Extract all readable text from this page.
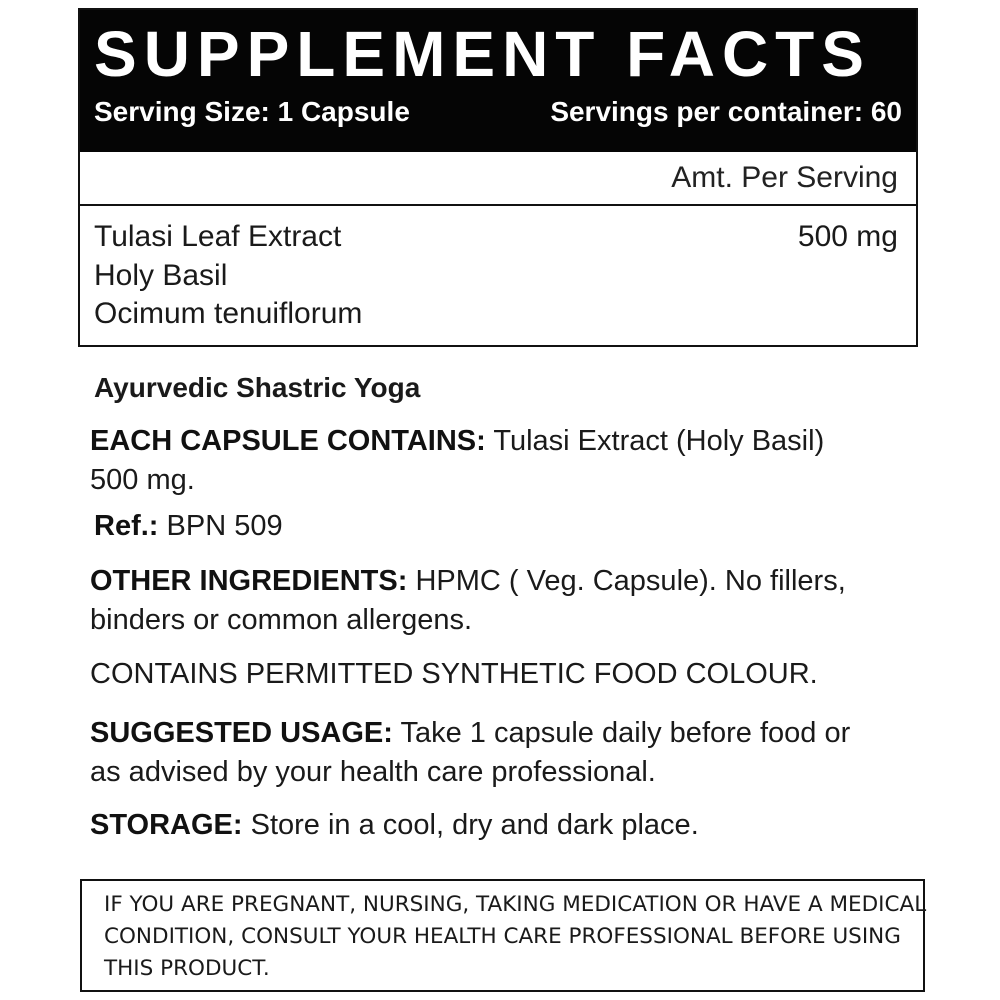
SUPPLEMENT FACTS
Serving Size: 1 Capsule	Servings per container: 60
Amt. Per Serving
Tulasi Leaf Extract
Holy Basil
Ocimum tenuiflorum
500 mg
Ayurvedic Shastric Yoga
EACH CAPSULE CONTAINS: Tulasi Extract (Holy Basil)
500 mg.
Ref.: BPN 509
OTHER INGREDIENTS: HPMC ( Veg. Capsule). No fillers,
binders or common allergens.
CONTAINS PERMITTED SYNTHETIC FOOD COLOUR.
SUGGESTED USAGE: Take 1 capsule daily before food or
as advised by your health care professional.
STORAGE: Store in a cool, dry and dark place.
IF YOU ARE PREGNANT, NURSING, TAKING MEDICATION OR HAVE A MEDICAL
CONDITION, CONSULT YOUR HEALTH CARE PROFESSIONAL BEFORE USING
THIS PRODUCT.
